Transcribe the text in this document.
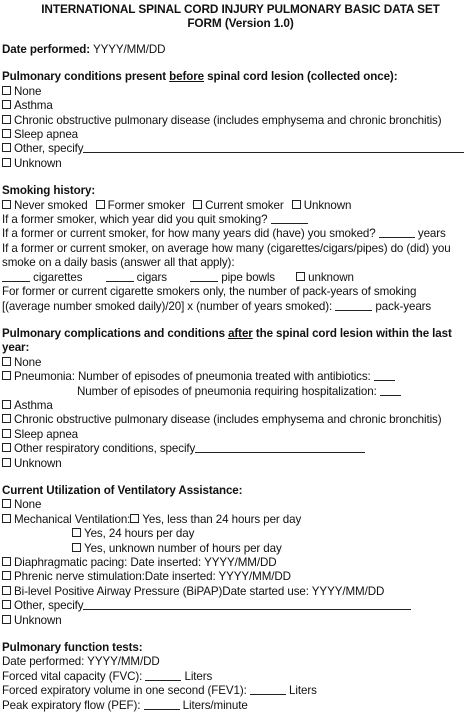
INTERNATIONAL SPINAL CORD INJURY PULMONARY BASIC DATA SET
FORM (Version 1.0)
Date performed: YYYY/MM/DD
Pulmonary conditions present before spinal cord lesion (collected once):
None
Asthma
Chronic obstructive pulmonary disease (includes emphysema and chronic bronchitis)
Sleep apnea
Other, specify
Unknown
Smoking history:
Never smoked Former smoker Current smoker Unknown
If a former smoker, which year did you quit smoking?
If a former or current smoker, for how many years did (have) you smoked?	years
If a former or current smoker, on average how many (cigarettes/cigars/pipes) do (did) you
smoke on a daily basis (answer all that apply):
cigarettes	cigars	pipe bowls	unknown
For former or current cigarette smokers only, the number of pack-years of smoking
[(average number smoked daily)/20] x (number of years smoked):	pack-years
Pulmonary complications and conditions after the spinal cord lesion within the last
year:
None
Pneumonia: Number of episodes of pneumonia treated with antibiotics:
Number of episodes of pneumonia requiring hospitalization:
Asthma
Chronic obstructive pulmonary disease (includes emphysema and chronic bronchitis)
Sleep apnea
Other respiratory conditions, specify
Unknown
Current Utilization of Ventilatory Assistance:
None
Mechanical Ventilation: Yes, less than 24 hours per day
Yes, 24 hours per day
Yes, unknown number of hours per day
Diaphragmatic pacing: Date inserted: YYYY/MM/DD
Phrenic nerve stimulation:Date inserted: YYYY/MM/DD
Bi-level Positive Airway Pressure (BiPAP)Date started use: YYYY/MM/DD
Other, specify
Unknown
Pulmonary function tests:
Date performed: YYYY/MM/DD
Forced vital capacity (FVC):	Liters
Forced expiratory volume in one second (FEV1):	Liters
Peak expiratory flow (PEF):	Liters/minute
